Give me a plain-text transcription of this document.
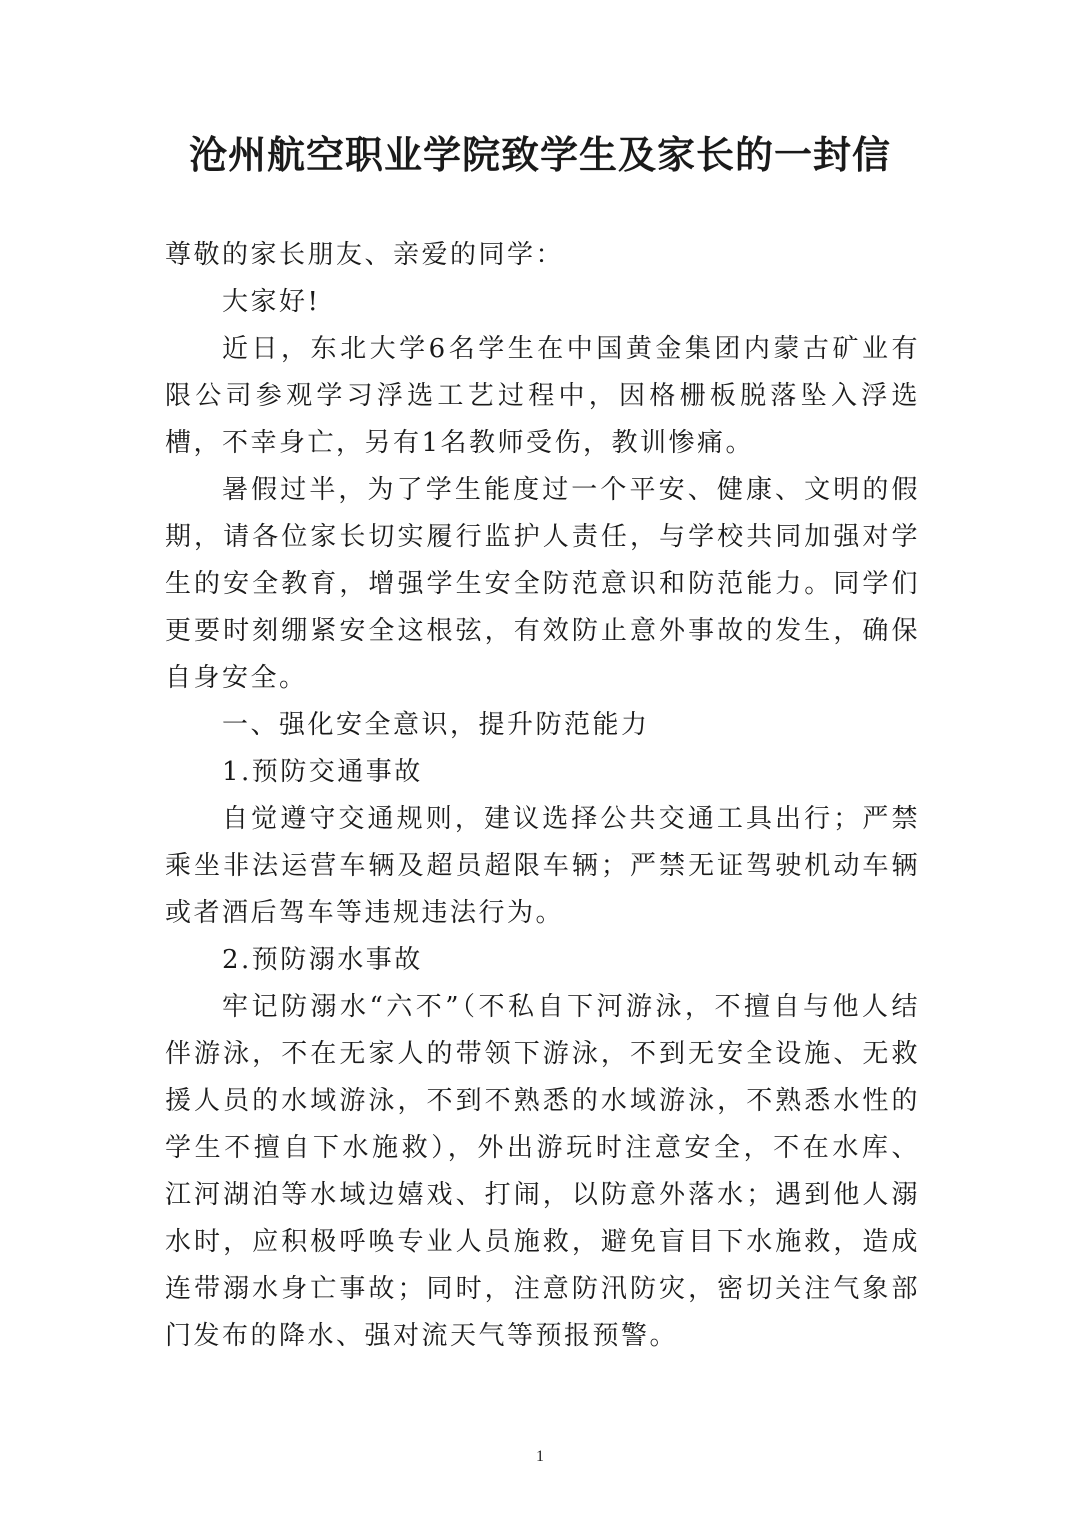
沧州航空职业学院致学生及家长的一封信

尊敬的家长朋友、亲爱的同学：

大家好!

近日，东北大学6名学生在中国黄金集团内蒙古矿业有限公司参观学习浮选工艺过程中，因格栅板脱落坠入浮选槽，不幸身亡，另有1名教师受伤，教训惨痛。

暑假过半，为了学生能度过一个平安、健康、文明的假期，请各位家长切实履行监护人责任，与学校共同加强对学生的安全教育，增强学生安全防范意识和防范能力。同学们更要时刻绷紧安全这根弦，有效防止意外事故的发生，确保自身安全。

一、强化安全意识，提升防范能力

1.预防交通事故

自觉遵守交通规则，建议选择公共交通工具出行；严禁乘坐非法运营车辆及超员超限车辆；严禁无证驾驶机动车辆或者酒后驾车等违规违法行为。

2.预防溺水事故

牢记防溺水“六不”（不私自下河游泳，不擅自与他人结伴游泳，不在无家人的带领下游泳，不到无安全设施、无救援人员的水域游泳，不到不熟悉的水域游泳，不熟悉水性的学生不擅自下水施救），外出游玩时注意安全，不在水库、江河湖泊等水域边嬉戏、打闹，以防意外落水；遇到他人溺水时，应积极呼唤专业人员施救，避免盲目下水施救，造成连带溺水身亡事故；同时，注意防汛防灾，密切关注气象部门发布的降水、强对流天气等预报预警。

1
